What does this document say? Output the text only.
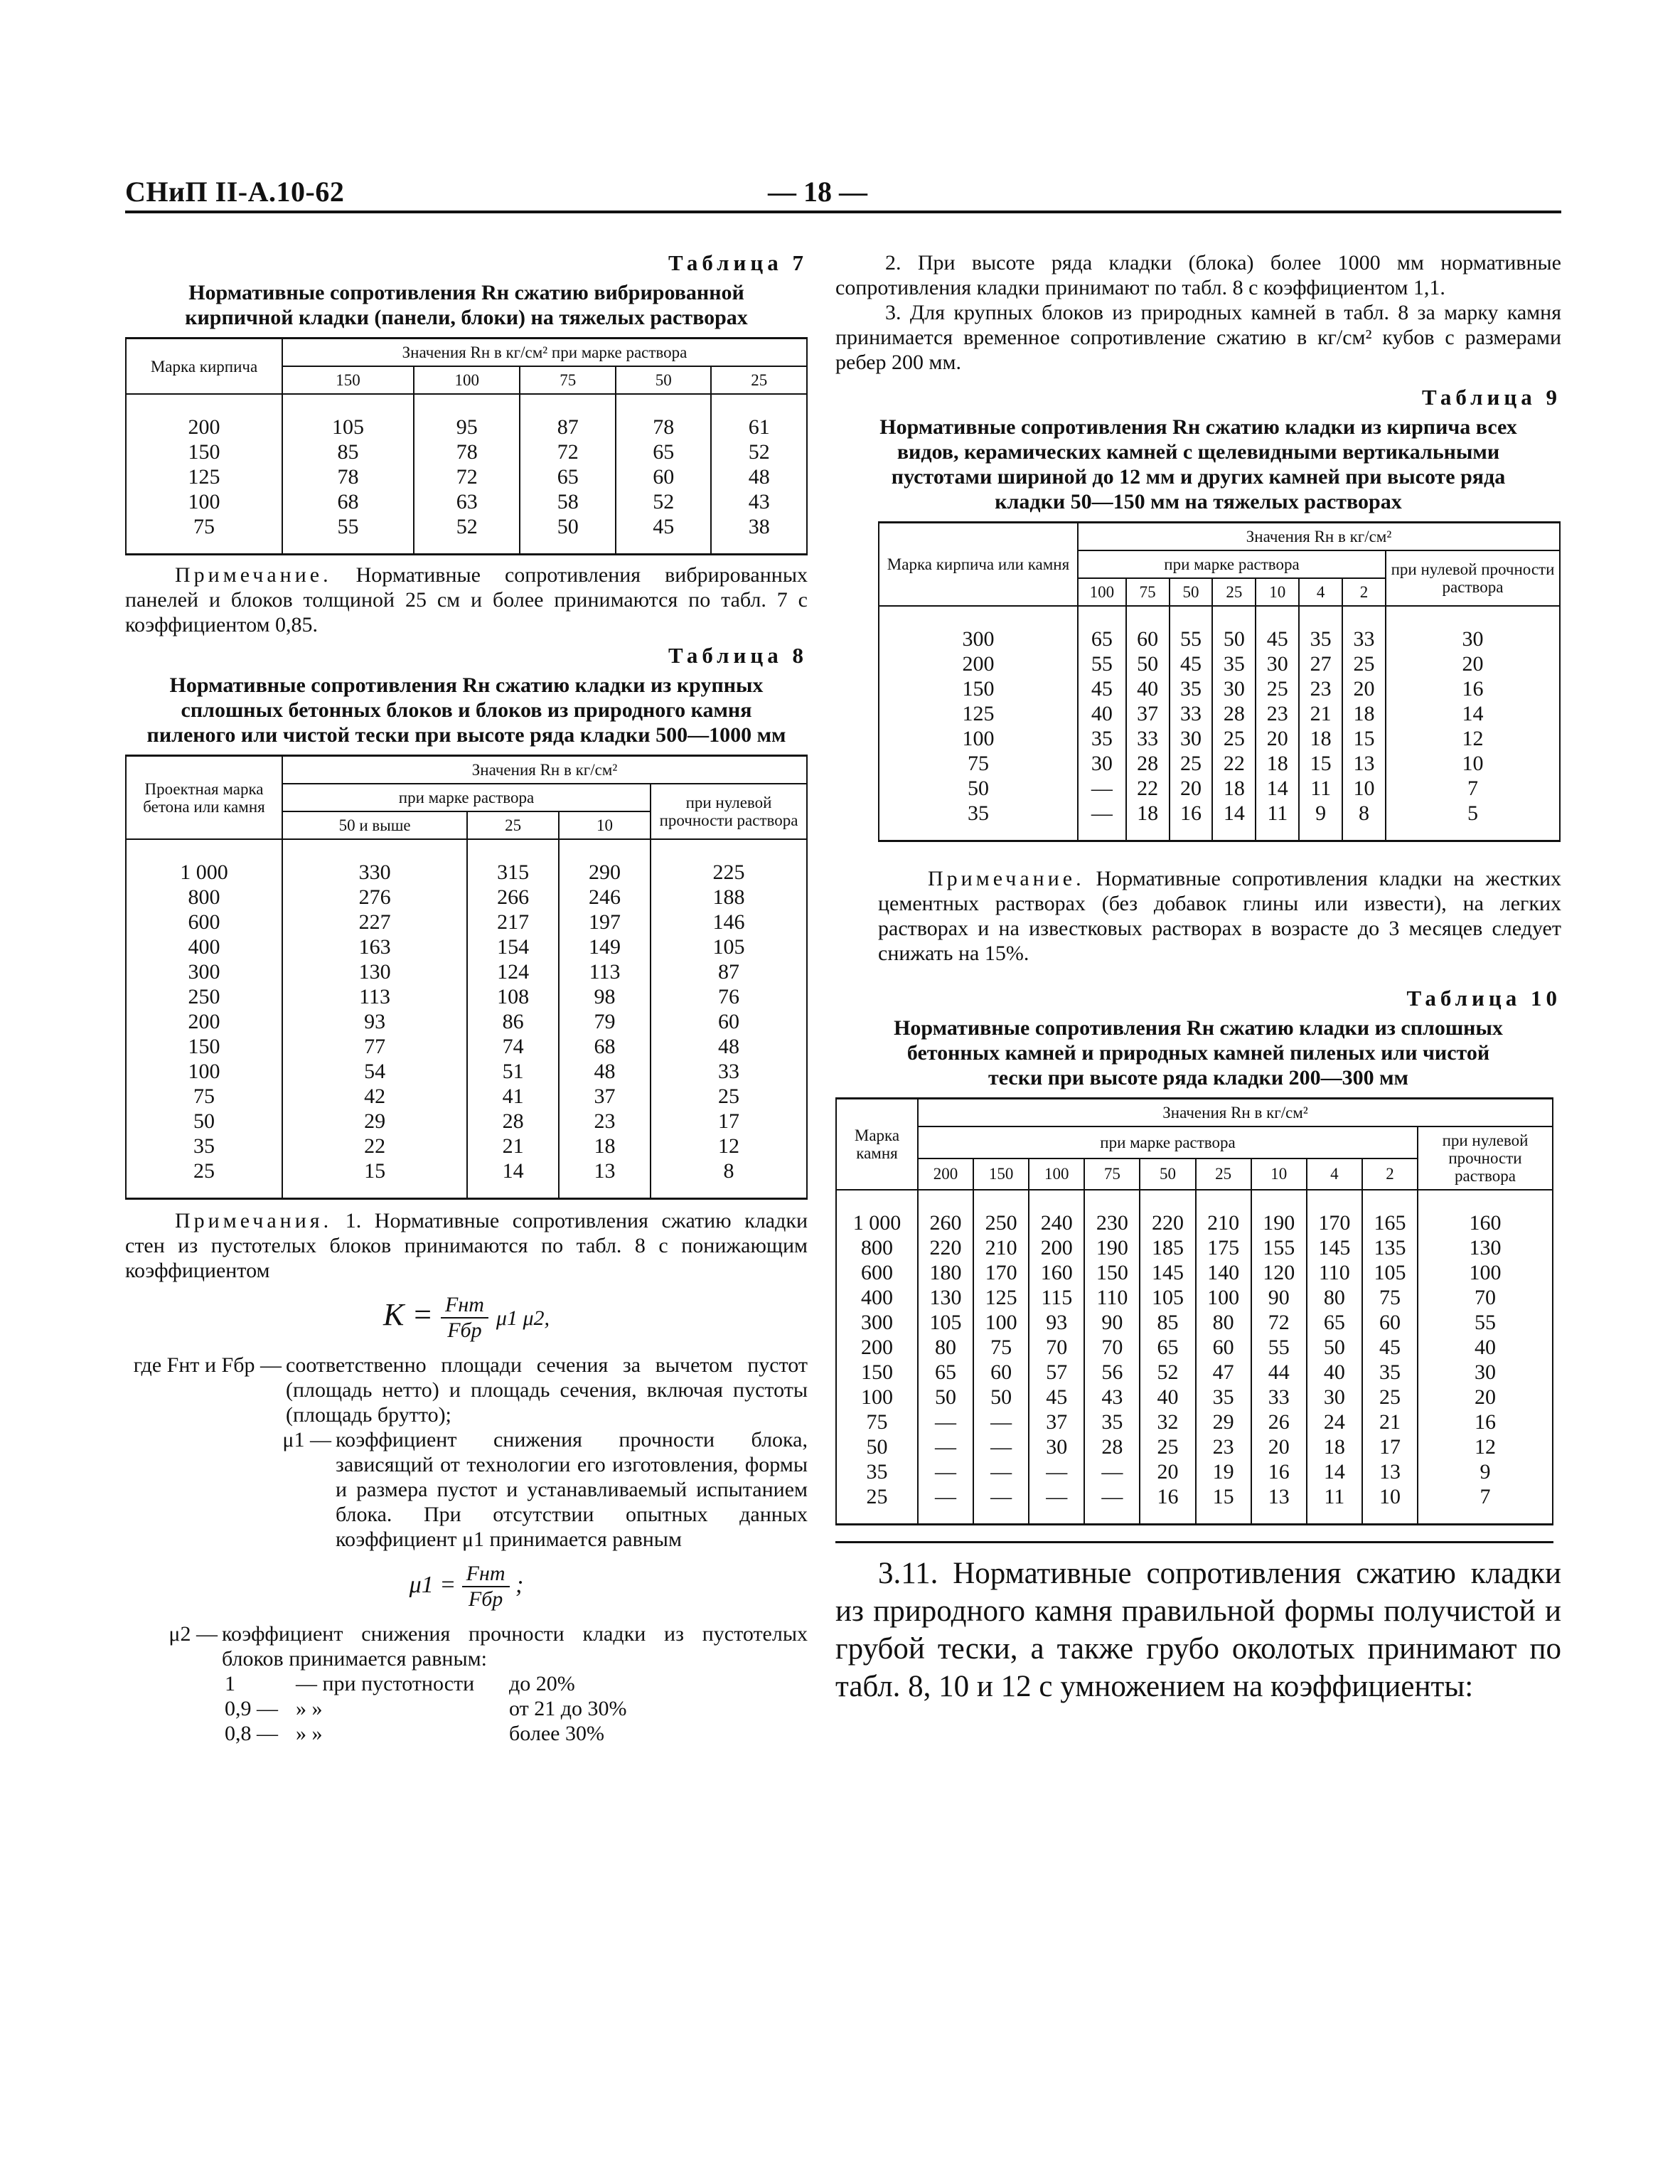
СНиП II-А.10-62	— 18 —
Таблица 7
Нормативные сопротивления Rн сжатию вибрированной кирпичной кладки (панели, блоки) на тяжелых растворах
Марка кирпича	Значения Rн в кг/см² при марке раствора				
	150	100	75	50	25
200	105	95	87	78	61
150	85	78	72	65	52
125	78	72	65	60	48
100	68	63	58	52	43
75	55	52	50	45	38

Примечание. Нормативные сопротивления вибрированных панелей и блоков толщиной 25 см и более принимаются по табл. 7 с коэффициентом 0,85.

Таблица 8
Нормативные сопротивления Rн сжатию кладки из крупных сплошных бетонных блоков и блоков из природного камня пиленого или чистой тески при высоте ряда кладки 500—1000 мм
Проектная марка бетона или камня	Значения Rн в кг/см²			
	при марке раствора			при нулевой прочности раствора
	50 и выше	25	10	
1 000	330	315	290	225
800	276	266	246	188
600	227	217	197	146
400	163	154	149	105
300	130	124	113	87
250	113	108	98	76
200	93	86	79	60
150	77	74	68	48
100	54	51	48	33
75	42	41	37	25
50	29	28	23	17
35	22	21	18	12
25	15	14	13	8

Примечания. 1. Нормативные сопротивления сжатию кладки стен из пустотелых блоков принимаются по табл. 8 с понижающим коэффициентом

$K = \frac{\text{Fнт}}{\text{Fбр}} \mu 1$ μ2,
где Fнт и Fбр — соответственно площади сечения за вычетом пустот (площадь нетто) и площадь сечения, включая пустоты (площадь брутто);
μ1 — коэффициент снижения прочности блока, зависящий от технологии его изготовления, формы и размера пустот и устанавливаемый испытанием блока. При отсутствии опытных данных коэффициент μ1 принимается равным
$\mu 1 = \frac{\text{Fнт}}{\text{Fбр}}$ ;
μ2 — коэффициент снижения прочности кладки из пустотелых блоков принимается равным:
1	— при пустотности	до 20%
0,9 — » »	от 21 до 30%
0,8 — » »	более 30%

2. При высоте ряда кладки (блока) более 1000 мм нормативные сопротивления кладки принимают по табл. 8 с коэффициентом 1,1.

3. Для крупных блоков из природных камней в табл. 8 за марку камня принимается временное сопротивление сжатию в кг/см² кубов с размерами ребер 200 мм.

Таблица 9
Нормативные сопротивления Rн сжатию кладки из кирпича всех видов, керамических камней с щелевидными вертикальными пустотами шириной до 12 мм и других камней при высоте ряда кладки 50—150 мм на тяжелых растворах
Марка кирпича или камня	Значения Rн в кг/см²							
	при марке раствора							при нулевой прочности раствора
	100	75	50	25	10	4	2	
300	65	60	55	50	45	35	33	30
200	55	50	45	35	30	27	25	20
150	45	40	35	30	25	23	20	16
125	40	37	33	28	23	21	18	14
100	35	33	30	25	20	18	15	12
75	30	28	25	22	18	15	13	10
50	—	22	20	18	14	11	10	7
35	—	18	16	14	11	9	8	5

Примечание. Нормативные сопротивления кладки на жестких цементных растворах (без добавок глины или извести), на легких растворах и на известковых растворах в возрасте до 3 месяцев следует снижать на 15%.

Таблица 10
Нормативные сопротивления Rн сжатию кладки из сплошных бетонных камней и природных камней пиленых или чистой тески при высоте ряда кладки 200—300 мм
Марка камня	Значения Rн в кг/см²									
	при марке раствора									при нулевой прочности раствора
	200	150	100	75	50	25	10	4	2	
1 000	260	250	240	230	220	210	190	170	165	160
800	220	210	200	190	185	175	155	145	135	130
600	180	170	160	150	145	140	120	110	105	100
400	130	125	115	110	105	100	90	80	75	70
300	105	100	93	90	85	80	72	65	60	55
200	80	75	70	70	65	60	55	50	45	40
150	65	60	57	56	52	47	44	40	35	30
100	50	50	45	43	40	35	33	30	25	20
75	—	—	37	35	32	29	26	24	21	16
50	—	—	30	28	25	23	20	18	17	12
35	—	—	—	—	20	19	16	14	13	9
25	—	—	—	—	16	15	13	11	10	7

3.11. Нормативные сопротивления сжатию кладки из природного камня правильной формы получистой и грубой тески, а также грубо околотых принимают по табл. 8, 10 и 12 с умножением на коэффициенты:
